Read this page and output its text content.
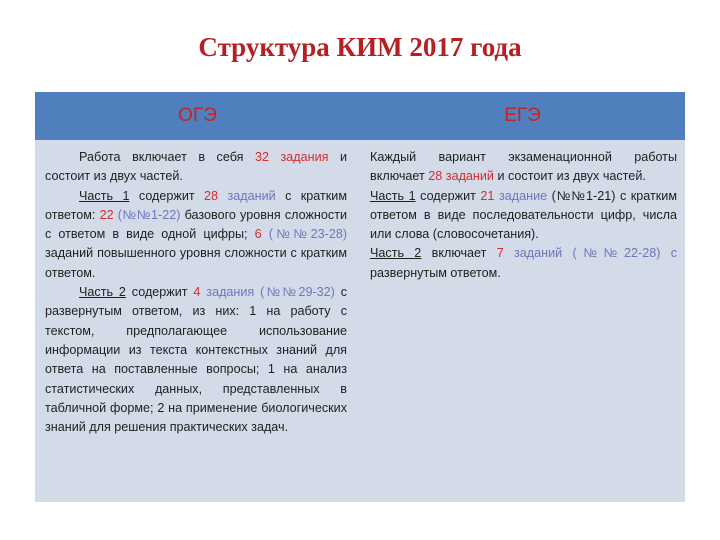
Структура КИМ 2017 года
ОГЭ	ЕГЭ

Работа включает в себя 32 задания и состоит из двух частей.

Часть 1 содержит 28 заданий с кратким ответом: 22 (№№1-22) базового уровня сложности с ответом в виде одной цифры; 6 (№№23-28) заданий повышенного уровня сложности с кратким ответом.

Часть 2 содержит 4 задания (№№29-32) с развернутым ответом, из них: 1 на работу с текстом, предполагающее использование информации из текста контекстных знаний для ответа на поставленные вопросы; 1 на анализ статистических данных, представленных в табличной форме; 2 на применение биологических знаний для решения практических задач.

Каждый вариант экзаменационной работы включает 28 заданий и состоит из двух частей.

Часть 1 содержит 21 задание (№№1-21) с кратким ответом в виде последовательности цифр, числа или слова (словосочетания).

Часть 2 включает 7 заданий (№№22-28) с развернутым ответом.
